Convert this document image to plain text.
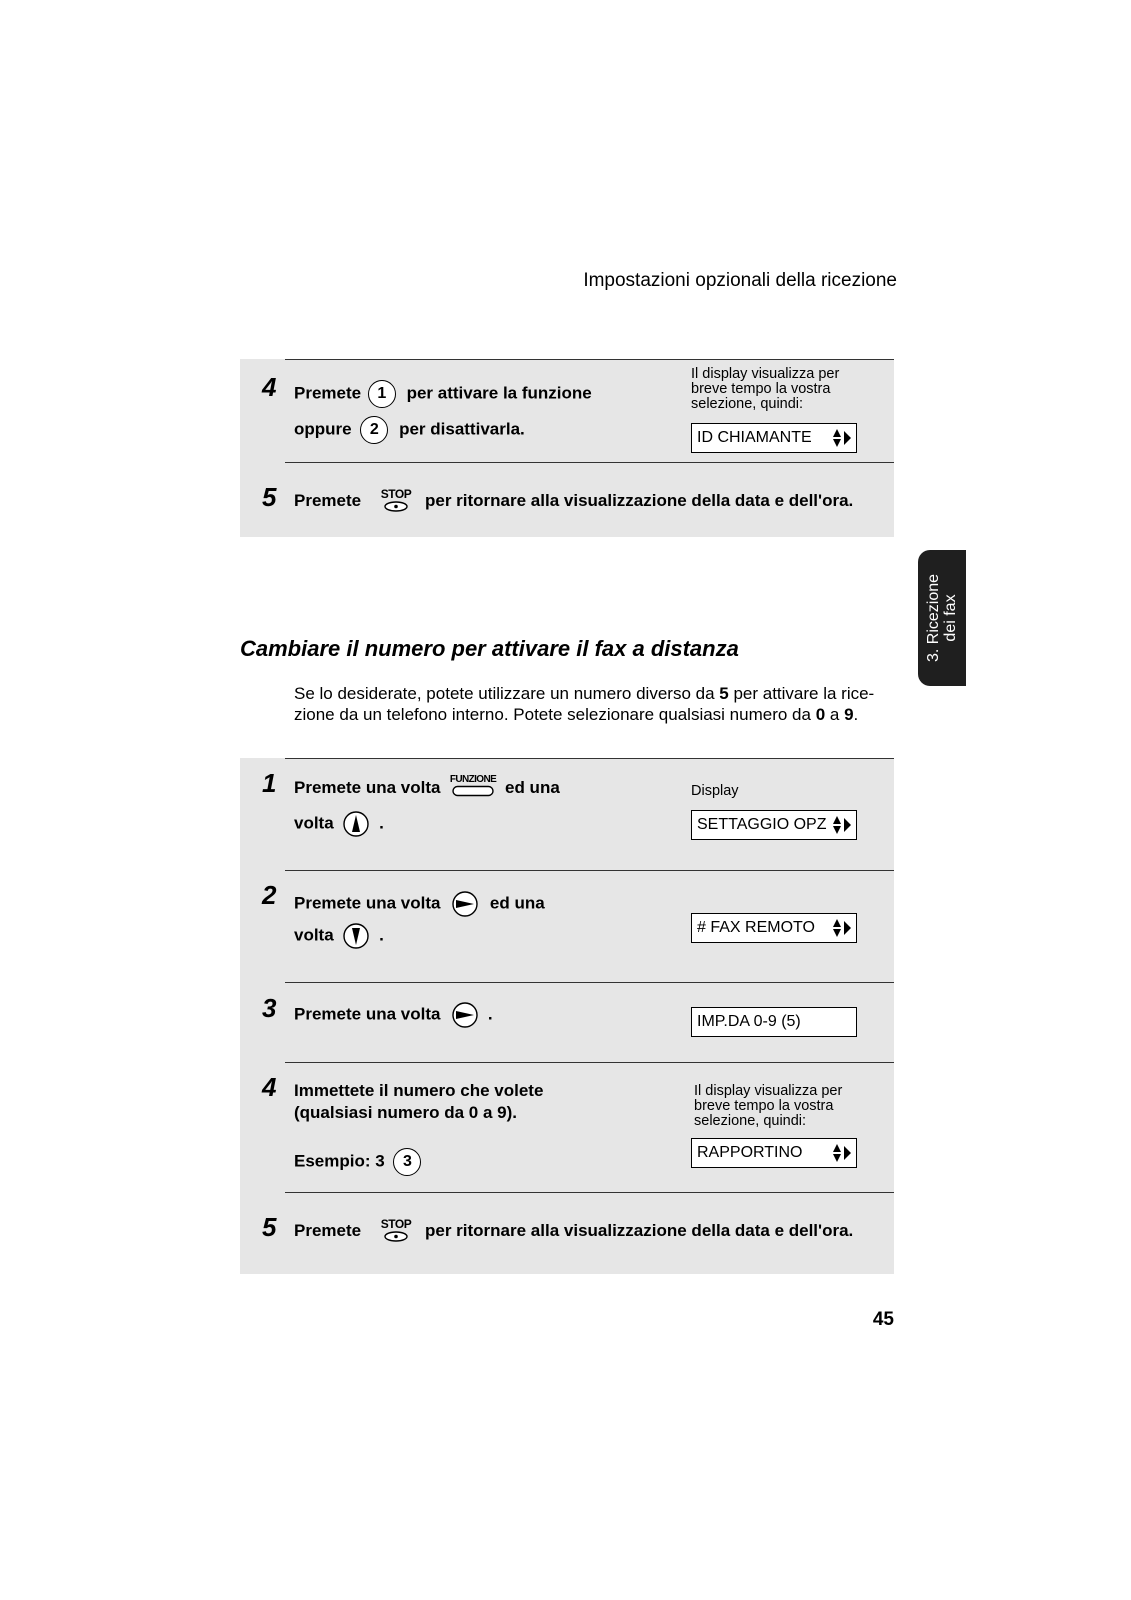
Impostazioni opzionali della ricezione
4 Premete 1 per attivare la funzione
oppure 2 per disattivarla.
Il display visualizza per
breve tempo la vostra
selezione, quindi:
ID CHIAMANTE
5 Premete STOP per ritornare alla visualizzazione della data e dell'ora.
3. Ricezione dei fax
Cambiare il numero per attivare il fax a distanza
Se lo desiderate, potete utilizzare un numero diverso da 5 per attivare la rice-
zione da un telefono interno. Potete selezionare qualsiasi numero da 0 a 9.
1 Premete una volta FUNZIONE ed una
volta	.
Display
SETTAGGIO OPZ
2 Premete una volta	ed una
volta	.	# FAX REMOTO
3 Premete una volta	.	IMP.DA 0-9 (5)
4 Immettete il numero che volete
(qualsiasi numero da 0 a 9).
Esempio: 3 3
Il display visualizza per
breve tempo la vostra
selezione, quindi:
RAPPORTINO
5 Premete STOP per ritornare alla visualizzazione della data e dell'ora.
45
